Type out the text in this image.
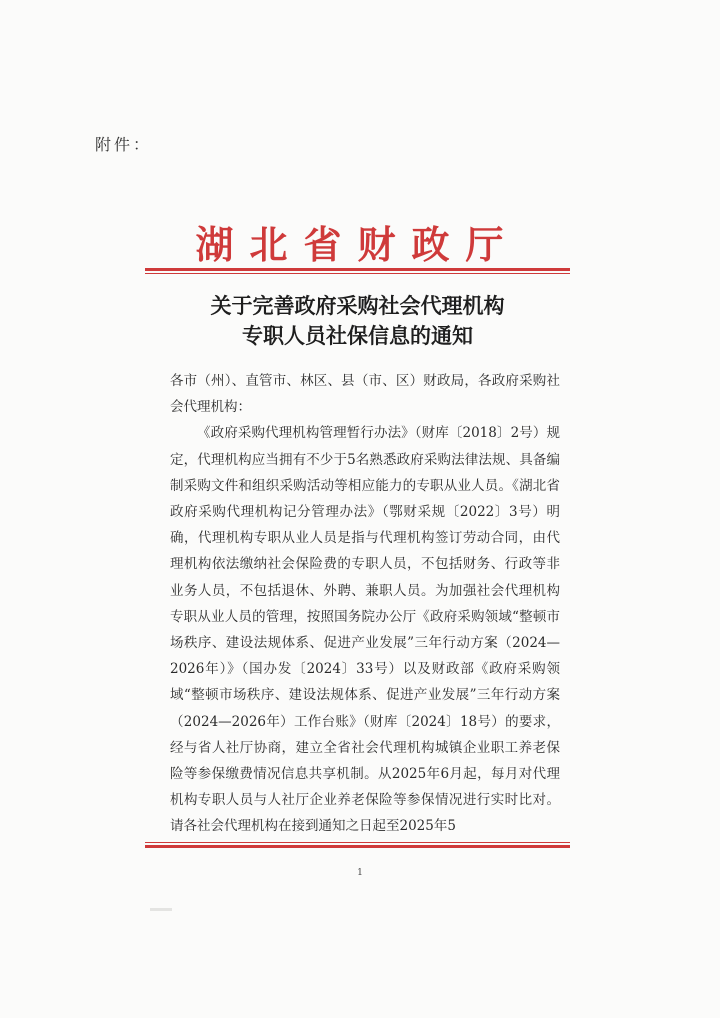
附件：
湖北省财政厅
关于完善政府采购社会代理机构
专职人员社保信息的通知

各市（州）、直管市、林区、县（市、区）财政局，各政府采购社会代理机构：

《政府采购代理机构管理暂行办法》（财库〔2018〕2号）规定，代理机构应当拥有不少于5名熟悉政府采购法律法规、具备编制采购文件和组织采购活动等相应能力的专职从业人员。《湖北省政府采购代理机构记分管理办法》（鄂财采规〔2022〕3号）明确，代理机构专职从业人员是指与代理机构签订劳动合同，由代理机构依法缴纳社会保险费的专职人员，不包括财务、行政等非业务人员，不包括退休、外聘、兼职人员。为加强社会代理机构专职从业人员的管理，按照国务院办公厅《政府采购领域“整顿市场秩序、建设法规体系、促进产业发展”三年行动方案（2024—2026年）》（国办发〔2024〕33号）以及财政部《政府采购领域“整顿市场秩序、建设法规体系、促进产业发展”三年行动方案（2024—2026年）工作台账》（财库〔2024〕18号）的要求，经与省人社厅协商，建立全省社会代理机构城镇企业职工养老保险等参保缴费情况信息共享机制。从2025年6月起，每月对代理机构专职人员与人社厅企业养老保险等参保情况进行实时比对。请各社会代理机构在接到通知之日起至2025年5

1
